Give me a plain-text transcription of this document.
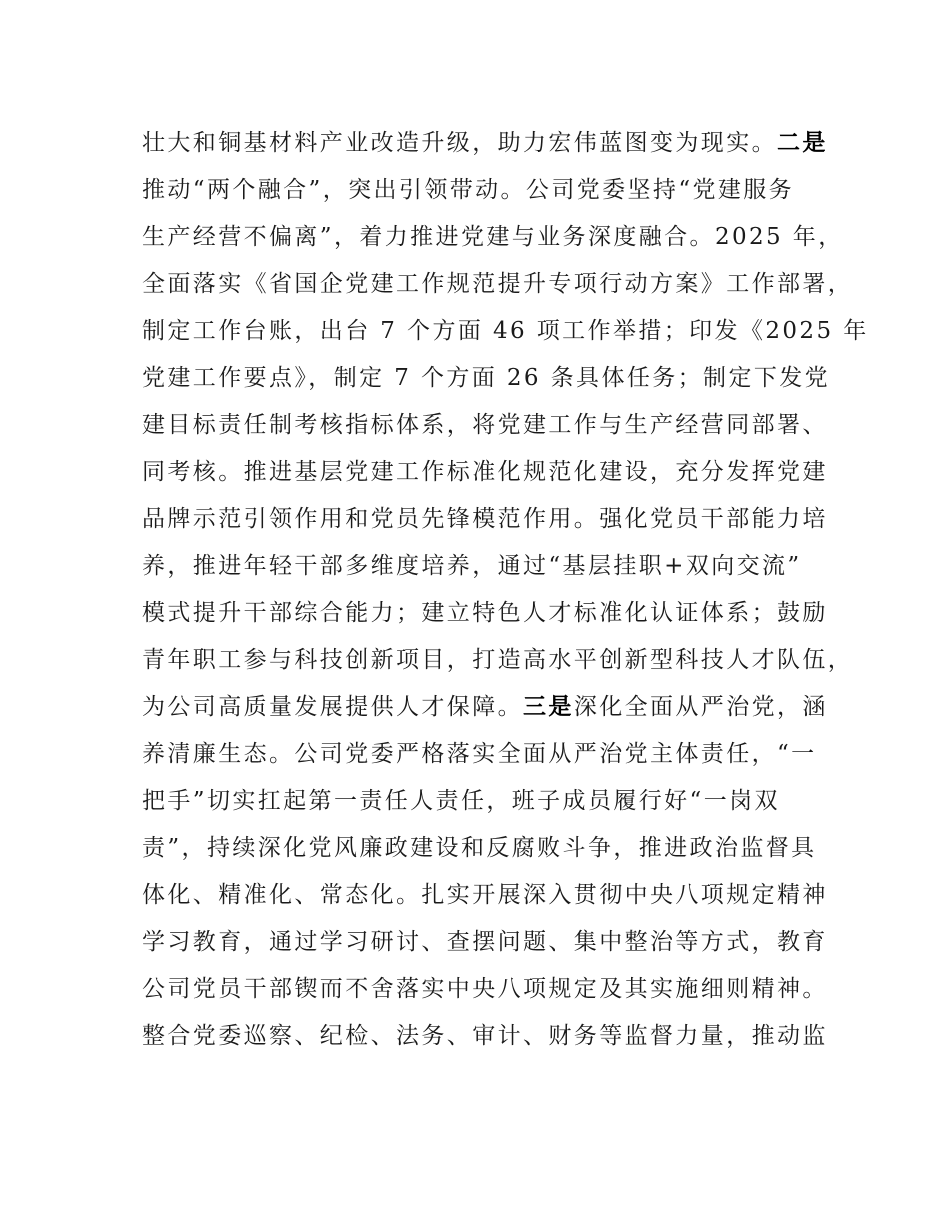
壮大和铜基材料产业改造升级，助力宏伟蓝图变为现实。二是
推动“两个融合”，突出引领带动。公司党委坚持“党建服务
生产经营不偏离”，着力推进党建与业务深度融合。2025 年，
全面落实《省国企党建工作规范提升专项行动方案》工作部署，
制定工作台账，出台 7 个方面 46 项工作举措；印发《2025 年
党建工作要点》，制定 7 个方面 26 条具体任务；制定下发党
建目标责任制考核指标体系，将党建工作与生产经营同部署、
同考核。推进基层党建工作标准化规范化建设，充分发挥党建
品牌示范引领作用和党员先锋模范作用。强化党员干部能力培
养，推进年轻干部多维度培养，通过“基层挂职+双向交流”
模式提升干部综合能力；建立特色人才标准化认证体系；鼓励
青年职工参与科技创新项目，打造高水平创新型科技人才队伍，
为公司高质量发展提供人才保障。三是深化全面从严治党，涵
养清廉生态。公司党委严格落实全面从严治党主体责任，“一
把手”切实扛起第一责任人责任，班子成员履行好“一岗双
责”，持续深化党风廉政建设和反腐败斗争，推进政治监督具
体化、精准化、常态化。扎实开展深入贯彻中央八项规定精神
学习教育，通过学习研讨、查摆问题、集中整治等方式，教育
公司党员干部锲而不舍落实中央八项规定及其实施细则精神。
整合党委巡察、纪检、法务、审计、财务等监督力量，推动监
